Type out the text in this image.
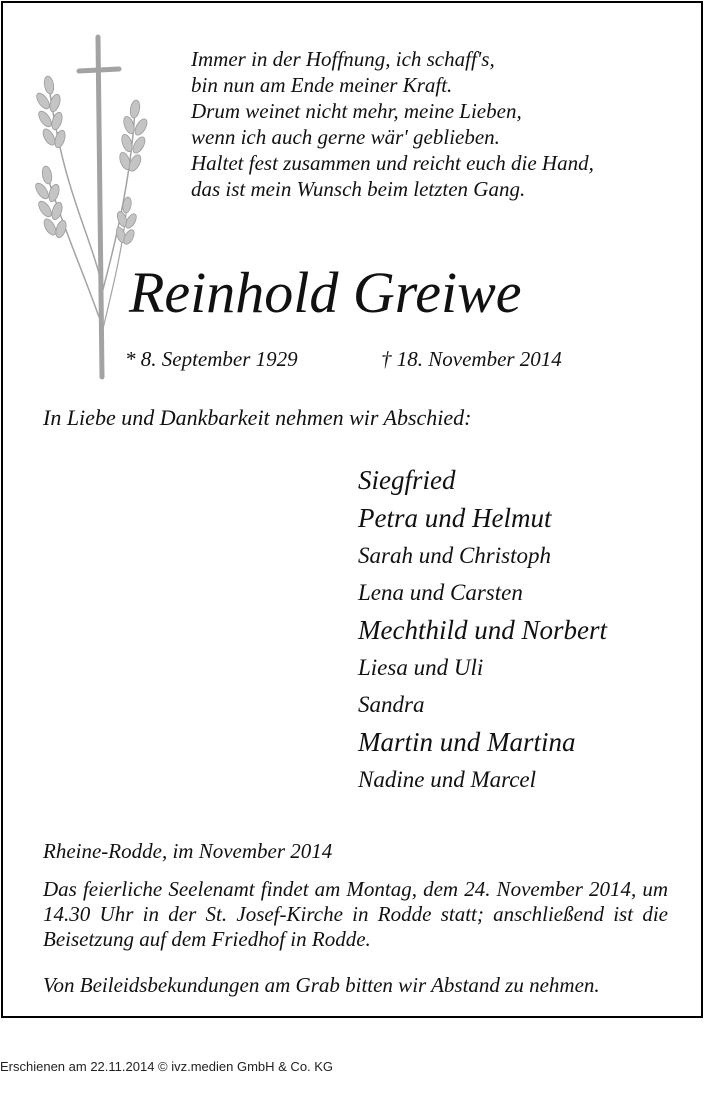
Immer in der Hoffnung, ich schaff's,
bin nun am Ende meiner Kraft.
Drum weinet nicht mehr, meine Lieben,
wenn ich auch gerne wär' geblieben.
Haltet fest zusammen und reicht euch die Hand,
das ist mein Wunsch beim letzten Gang.
Reinhold Greiwe
* 8. September 1929	† 18. November 2014
In Liebe und Dankbarkeit nehmen wir Abschied:
Siegfried
Petra und Helmut
Sarah und Christoph
Lena und Carsten
Mechthild und Norbert
Liesa und Uli
Sandra
Martin und Martina
Nadine und Marcel
Rheine-Rodde, im November 2014

Das feierliche Seelenamt findet am Montag, dem 24. November 2014, um 14.30 Uhr in der St. Josef-Kirche in Rodde statt; anschließend ist die Beisetzung auf dem Friedhof in Rodde.

Von Beileidsbekundungen am Grab bitten wir Abstand zu nehmen.
Erschienen am 22.11.2014 © ivz.medien GmbH & Co. KG
